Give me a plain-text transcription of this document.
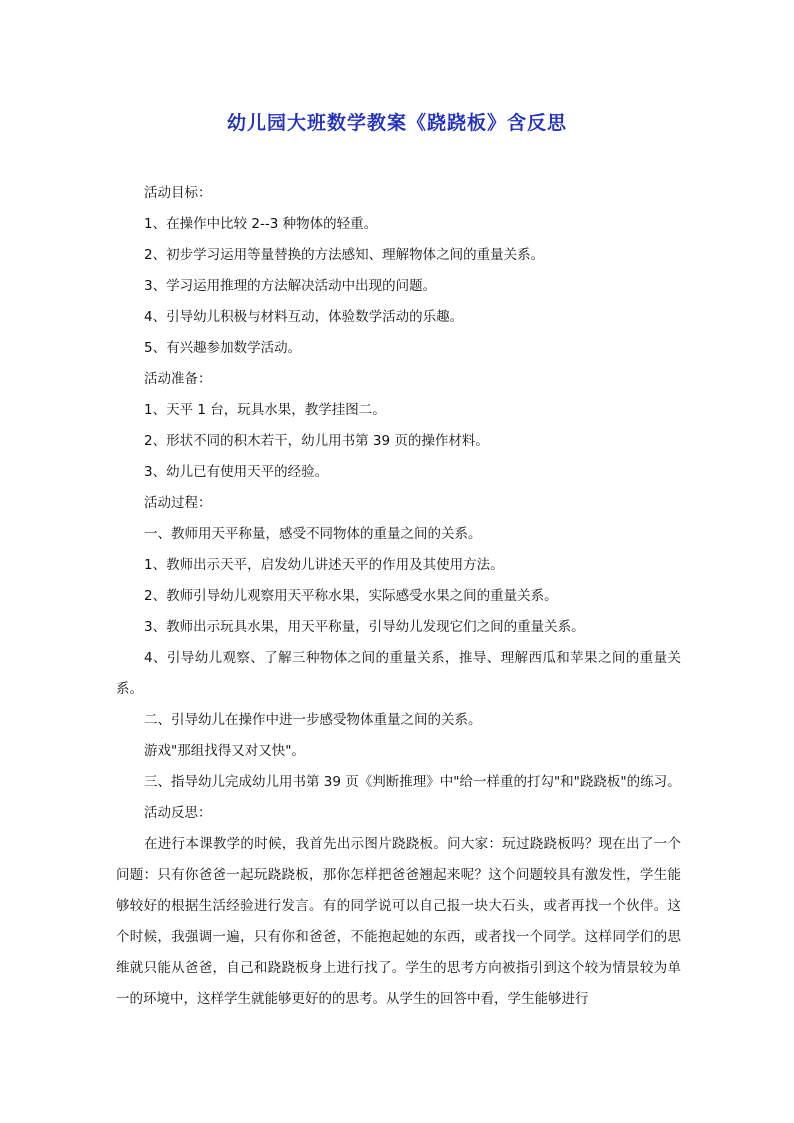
幼儿园大班数学教案《跷跷板》含反思

活动目标：

1、在操作中比较 2--3 种物体的轻重。

2、初步学习运用等量替换的方法感知、理解物体之间的重量关系。

3、学习运用推理的方法解决活动中出现的问题。

4、引导幼儿积极与材料互动，体验数学活动的乐趣。

5、有兴趣参加数学活动。

活动准备：

1、天平 1 台，玩具水果，教学挂图二。

2、形状不同的积木若干，幼儿用书第 39 页的操作材料。

3、幼儿已有使用天平的经验。

活动过程：

一、教师用天平称量，感受不同物体的重量之间的关系。

1、教师出示天平，启发幼儿讲述天平的作用及其使用方法。

2、教师引导幼儿观察用天平称水果，实际感受水果之间的重量关系。

3、教师出示玩具水果，用天平称量，引导幼儿发现它们之间的重量关系。

4、引导幼儿观察、了解三种物体之间的重量关系，推导、理解西瓜和苹果之间的重量关系。

二、引导幼儿在操作中进一步感受物体重量之间的关系。

游戏"那组找得又对又快"。

三、指导幼儿完成幼儿用书第 39 页《判断推理》中"给一样重的打勾"和"跷跷板"的练习。

活动反思：

在进行本课教学的时候，我首先出示图片跷跷板。问大家：玩过跷跷板吗？现在出了一个问题：只有你爸爸一起玩跷跷板，那你怎样把爸爸翘起来呢？这个问题较具有激发性，学生能够较好的根据生活经验进行发言。有的同学说可以自己报一块大石头，或者再找一个伙伴。这个时候，我强调一遍，只有你和爸爸，不能抱起她的东西，或者找一个同学。这样同学们的思维就只能从爸爸，自己和跷跷板身上进行找了。学生的思考方向被指引到这个较为情景较为单一的环境中，这样学生就能够更好的的思考。从学生的回答中看，学生能够进行
